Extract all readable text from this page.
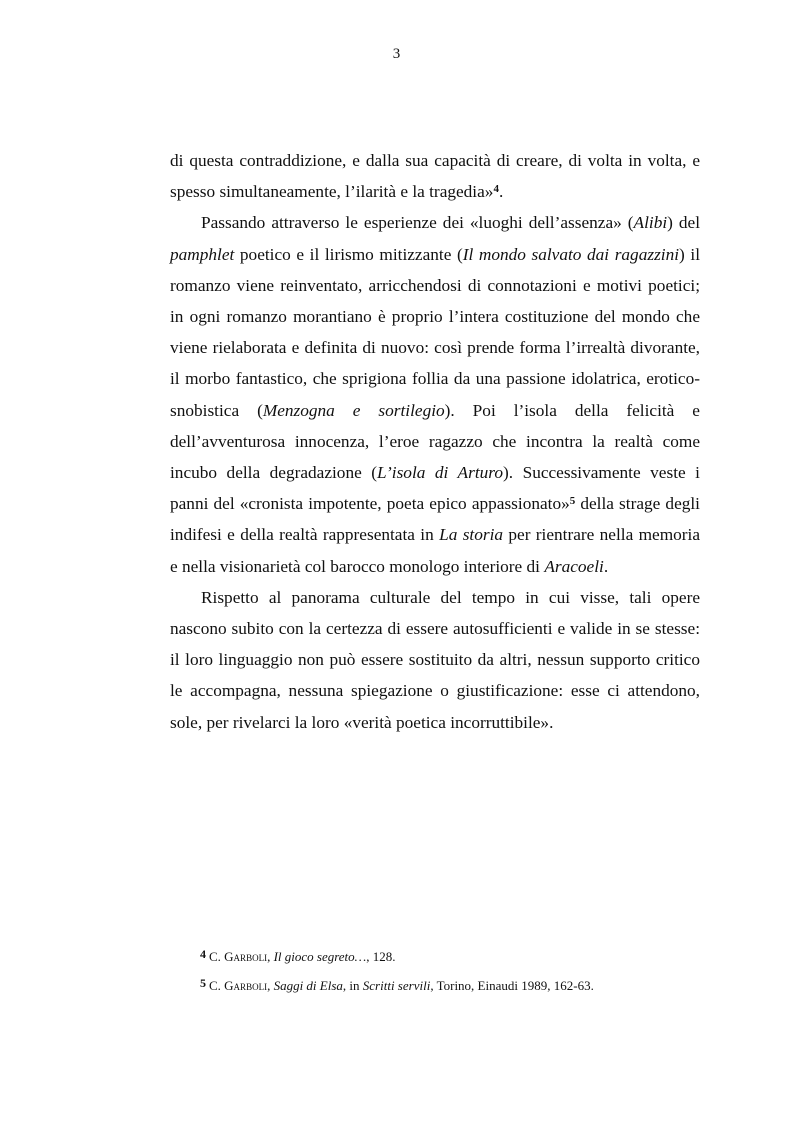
3

di questa contraddizione, e dalla sua capacità di creare, di volta in volta, e spesso simultaneamente, l’ilarità e la tragedia»$^4$.

Passando attraverso le esperienze dei «luoghi dell’assenza» (Alibi) del pamphlet poetico e il lirismo mitizzante (Il mondo salvato dai ragazzini) il romanzo viene reinventato, arricchendosi di connotazioni e motivi poetici; in ogni romanzo morantiano è proprio l’intera costituzione del mondo che viene rielaborata e definita di nuovo: così prende forma l’irrealtà divorante, il morbo fantastico, che sprigiona follia da una passione idolatrica, erotico-snobistica (Menzogna e sortilegio). Poi l’isola della felicità e dell’avventurosa innocenza, l’eroe ragazzo che incontra la realtà come incubo della degradazione (L’isola di Arturo). Successivamente veste i panni del «cronista impotente, poeta epico appassionato»$^5$ della strage degli indifesi e della realtà rappresentata in La storia per rientrare nella memoria e nella visionarietà col barocco monologo interiore di Aracoeli.

Rispetto al panorama culturale del tempo in cui visse, tali opere nascono subito con la certezza di essere autosufficienti e valide in se stesse: il loro linguaggio non può essere sostituito da altri, nessun supporto critico le accompagna, nessuna spiegazione o giustificazione: esse ci attendono, sole, per rivelarci la loro «verità poetica incorruttibile».

4 C. Garboli, Il gioco segreto…, 128.

5 C. Garboli, Saggi di Elsa, in Scritti servili, Torino, Einaudi 1989, 162-63.
